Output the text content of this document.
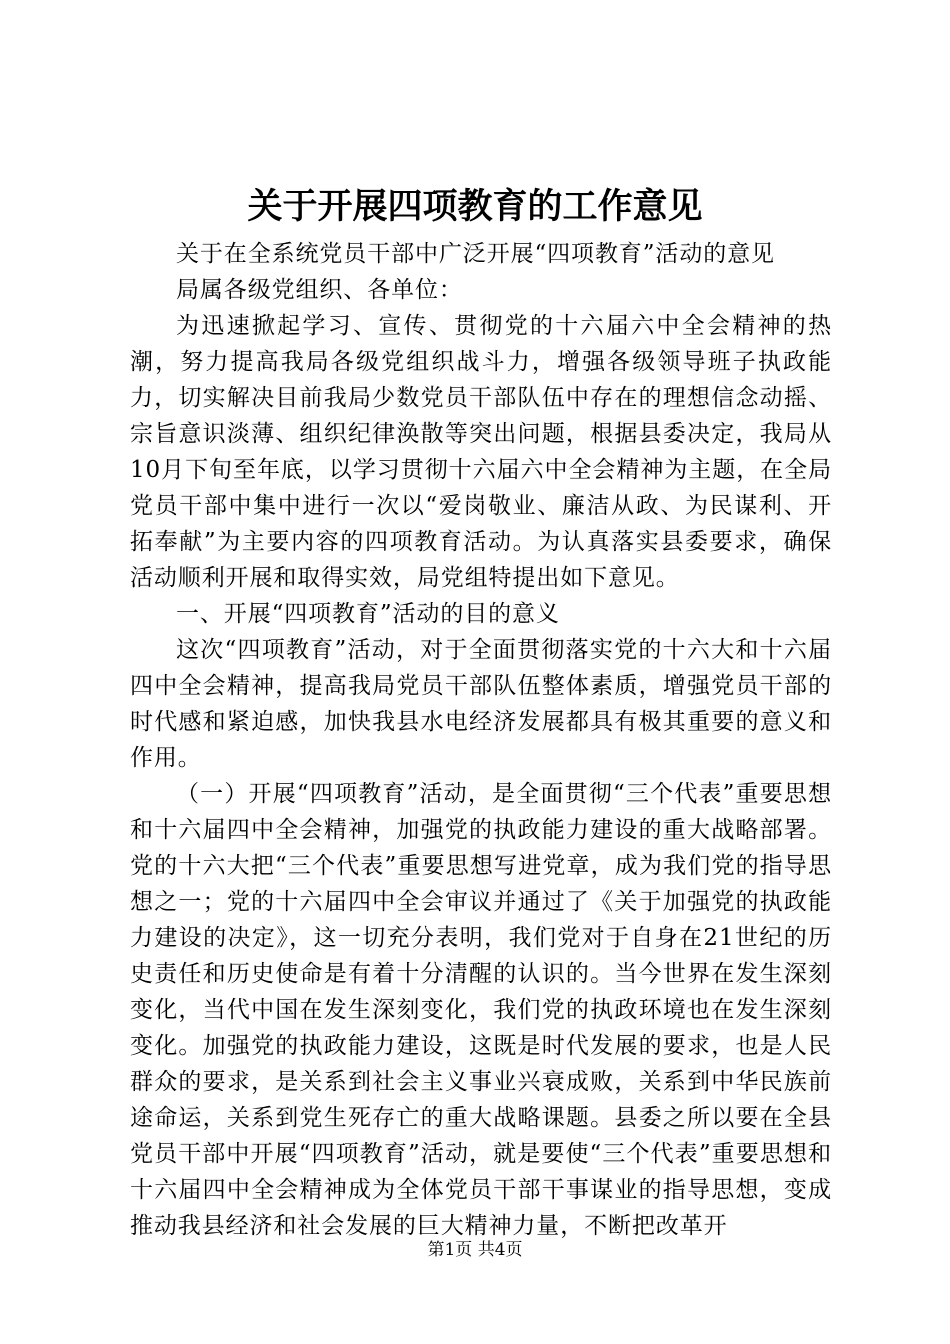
关于开展四项教育的工作意见

关于在全系统党员干部中广泛开展“四项教育”活动的意见

局属各级党组织、各单位：

为迅速掀起学习、宣传、贯彻党的十六届六中全会精神的热潮，努力提高我局各级党组织战斗力，增强各级领导班子执政能力，切实解决目前我局少数党员干部队伍中存在的理想信念动摇、宗旨意识淡薄、组织纪律涣散等突出问题，根据县委决定，我局从10月下旬至年底，以学习贯彻十六届六中全会精神为主题，在全局党员干部中集中进行一次以“爱岗敬业、廉洁从政、为民谋利、开拓奉献”为主要内容的四项教育活动。为认真落实县委要求，确保活动顺利开展和取得实效，局党组特提出如下意见。

一、开展“四项教育”活动的目的意义

这次“四项教育”活动，对于全面贯彻落实党的十六大和十六届四中全会精神，提高我局党员干部队伍整体素质，增强党员干部的时代感和紧迫感，加快我县水电经济发展都具有极其重要的意义和作用。

（一）开展“四项教育”活动，是全面贯彻“三个代表”重要思想和十六届四中全会精神，加强党的执政能力建设的重大战略部署。党的十六大把“三个代表”重要思想写进党章，成为我们党的指导思想之一；党的十六届四中全会审议并通过了《关于加强党的执政能力建设的决定》，这一切充分表明，我们党对于自身在21世纪的历史责任和历史使命是有着十分清醒的认识的。当今世界在发生深刻变化，当代中国在发生深刻变化，我们党的执政环境也在发生深刻变化。加强党的执政能力建设，这既是时代发展的要求，也是人民群众的要求，是关系到社会主义事业兴衰成败，关系到中华民族前途命运，关系到党生死存亡的重大战略课题。县委之所以要在全县党员干部中开展“四项教育”活动，就是要使“三个代表”重要思想和十六届四中全会精神成为全体党员干部干事谋业的指导思想，变成推动我县经济和社会发展的巨大精神力量，不断把改革开

第1页 共4页
